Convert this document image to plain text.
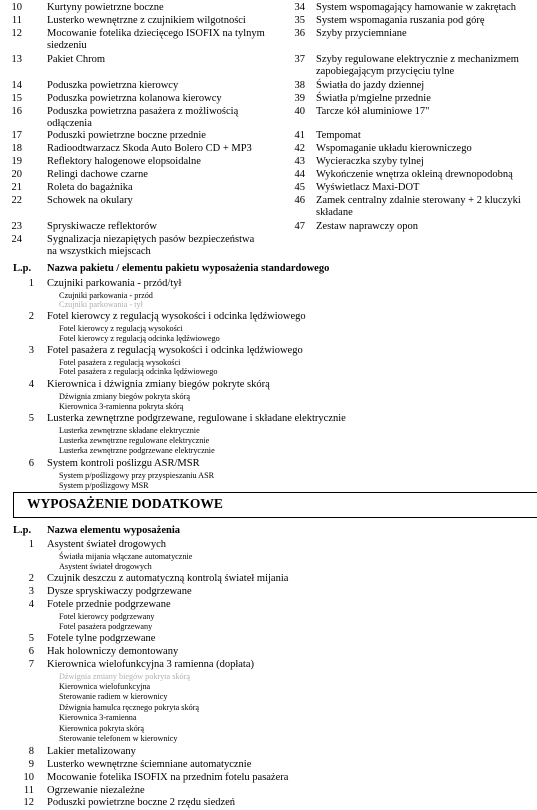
10 Kurtyny powietrzne boczne
11 Lusterko wewnętrzne z czujnikiem wilgotności
12 Mocowanie fotelika dziecięcego ISOFIX na tylnym
siedzeniu
13 Pakiet Chrom
14 Poduszka powietrzna kierowcy
15 Poduszka powietrzna kolanowa kierowcy
16 Poduszka powietrzna pasażera z możliwością
odłączenia
17 Poduszki powietrzne boczne przednie
18 Radioodtwarzacz Skoda Auto Bolero CD + MP3
19 Reflektory halogenowe elopsoidalne
20 Relingi dachowe czarne
21 Roleta do bagażnika
22 Schowek na okulary
23 Spryskiwacze reflektorów
24 Sygnalizacja niezapiętych pasów bezpieczeństwa
na wszystkich miejscach
34 System wspomagający hamowanie w zakrętach
35 System wspomagania ruszania pod górę
36 Szyby przyciemniane
37 Szyby regulowane elektrycznie z mechanizmem
zapobiegającym przycięciu tylne
38 Światła do jazdy dziennej
39 Światła p/mgielne przednie
40 Tarcze kół aluminiowe 17"
41 Tempomat
42 Wspomaganie układu kierowniczego
43 Wycieraczka szyby tylnej
44 Wykończenie wnętrza okleiną drewnopodobną
45 Wyświetlacz Maxi-DOT
46 Zamek centralny zdalnie sterowany + 2 kluczyki
składane
47 Zestaw naprawczy opon
L.p. Nazwa pakietu / elementu pakietu wyposażenia standardowego
1 Czujniki parkowania - przód/tył
Czujniki parkowania - przód
Czujniki parkowania - tył
2 Fotel kierowcy z regulacją wysokości i odcinka lędźwiowego
Fotel kierowcy z regulacją wysokości
Fotel kierowcy z regulacją odcinka lędźwiowego
3 Fotel pasażera z regulacją wysokości i odcinka lędźwiowego
Fotel pasażera z regulacją wysokości
Fotel pasażera z regulacją odcinka lędźwiowego
4 Kierownica i dźwignia zmiany biegów pokryte skórą
Dźwignia zmiany biegów pokryta skórą
Kierownica 3-ramienna pokryta skórą
5 Lusterka zewnętrzne podgrzewane, regulowane i składane elektrycznie
Lusterka zewnętrzne składane elektrycznie
Lusterka zewnętrzne regulowane elektrycznie
Lusterka zewnętrzne podgrzewane elektrycznie
6 System kontroli poślizgu ASR/MSR
System p/poślizgowy przy przyspieszaniu ASR
System p/poślizgowy MSR
WYPOSAŻENIE DODATKOWE
L.p. Nazwa elementu wyposażenia
1 Asystent świateł drogowych
Światła mijania włączane automatycznie
Asystent świateł drogowych
2 Czujnik deszczu z automatyczną kontrolą świateł mijania
3 Dysze spryskiwaczy podgrzewane
4 Fotele przednie podgrzewane
Fotel kierowcy podgrzewany
Fotel pasażera podgrzewany
5 Fotele tylne podgrzewane
6 Hak holowniczy demontowany
7 Kierownica wielofunkcyjna 3 ramienna (dopłata)
Dźwignia zmiany biegów pokryta skórą
Kierownica wielofunkcyjna
Sterowanie radiem w kierownicy
Dźwignia hamulca ręcznego pokryta skórą
Kierownica 3-ramienna
Kierownica pokryta skórą
Sterowanie telefonem w kierownicy
8 Lakier metalizowany
9 Lusterko wewnętrzne ściemniane automatycznie
10 Mocowanie fotelika ISOFIX na przednim fotelu pasażera
11 Ogrzewanie niezależne
12 Poduszki powietrzne boczne 2 rzędu siedzeń
